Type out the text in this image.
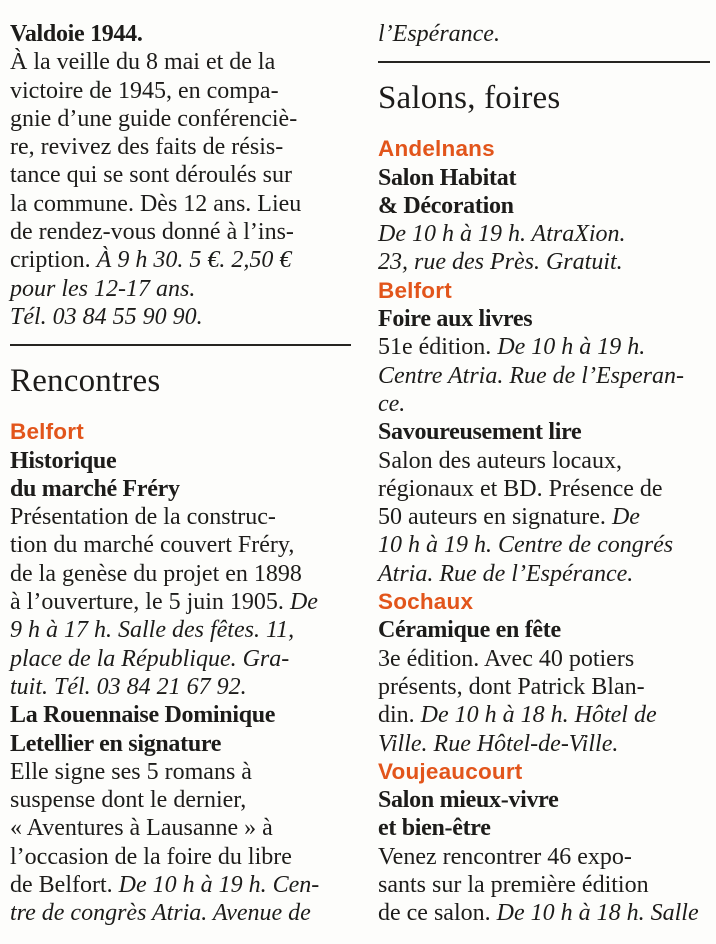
Valdoie 1944.
À la veille du 8 mai et de la
victoire de 1945, en compa-
gnie d’une guide conférenciè-
re, revivez des faits de résis-
tance qui se sont déroulés sur
la commune. Dès 12 ans. Lieu
de rendez-vous donné à l’ins-
cription. À 9 h 30. 5 €. 2,50 €
pour les 12-17 ans.
Tél. 03 84 55 90 90.
Rencontres
Belfort
Historique
du marché Fréry
Présentation de la construc-
tion du marché couvert Fréry,
de la genèse du projet en 1898
à l’ouverture, le 5 juin 1905. De
9 h à 17 h. Salle des fêtes. 11,
place de la République. Gra-
tuit. Tél. 03 84 21 67 92.
La Rouennaise Dominique
Letellier en signature
Elle signe ses 5 romans à
suspense dont le dernier,
« Aventures à Lausanne » à
l’occasion de la foire du libre
de Belfort. De 10 h à 19 h. Cen-
tre de congrès Atria. Avenue de
l’Espérance.
Salons, foires
Andelnans
Salon Habitat
& Décoration
De 10 h à 19 h. AtraXion.
23, rue des Près. Gratuit.
Belfort
Foire aux livres
51e édition. De 10 h à 19 h.
Centre Atria. Rue de l’Esperan-
ce.
Savoureusement lire
Salon des auteurs locaux,
régionaux et BD. Présence de
50 auteurs en signature. De
10 h à 19 h. Centre de congrés
Atria. Rue de l’Espérance.
Sochaux
Céramique en fête
3e édition. Avec 40 potiers
présents, dont Patrick Blan-
din. De 10 h à 18 h. Hôtel de
Ville. Rue Hôtel-de-Ville.
Voujeaucourt
Salon mieux-vivre
et bien-être
Venez rencontrer 46 expo-
sants sur la première édition
de ce salon. De 10 h à 18 h. Salle
